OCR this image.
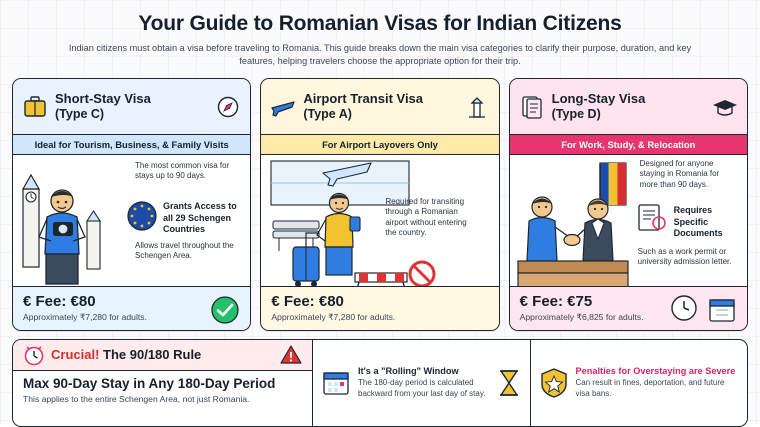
Your Guide to Romanian Visas for Indian Citizens
Indian citizens must obtain a visa before traveling to Romania. This guide breaks down the main visa categories to clarify their purpose, duration, and key features, helping travelers choose the appropriate option for their trip.
Short-Stay Visa
(Type C)
Ideal for Tourism, Business, & Family Visits
The most common visa for stays up to 90 days.
Grants Access to all 29 Schengen Countries
Allows travel throughout the Schengen Area.
€ Fee: €80
Approximately ₹7,280 for adults.
Airport Transit Visa
(Type A)
For Airport Layovers Only
Required for transiting through a Romanian airport without entering the country.
€ Fee: €80
Approximately ₹7,280 for adults.
Long-Stay Visa
(Type D)
For Work, Study, & Relocation
Designed for anyone staying in Romania for more than 90 days.
Requires Specific Documents
Such as a work permit or university admission letter.
€ Fee: €75
Approximately ₹6,825 for adults.
Crucial! The 90/180 Rule
Max 90-Day Stay in Any 180-Day Period
This applies to the entire Schengen Area, not just Romania.
It's a "Rolling" Window

The 180-day period is calculated backward from your last day of stay.

Penalties for Overstaying are Severe

Can result in fines, deportation, and future visa bans.
